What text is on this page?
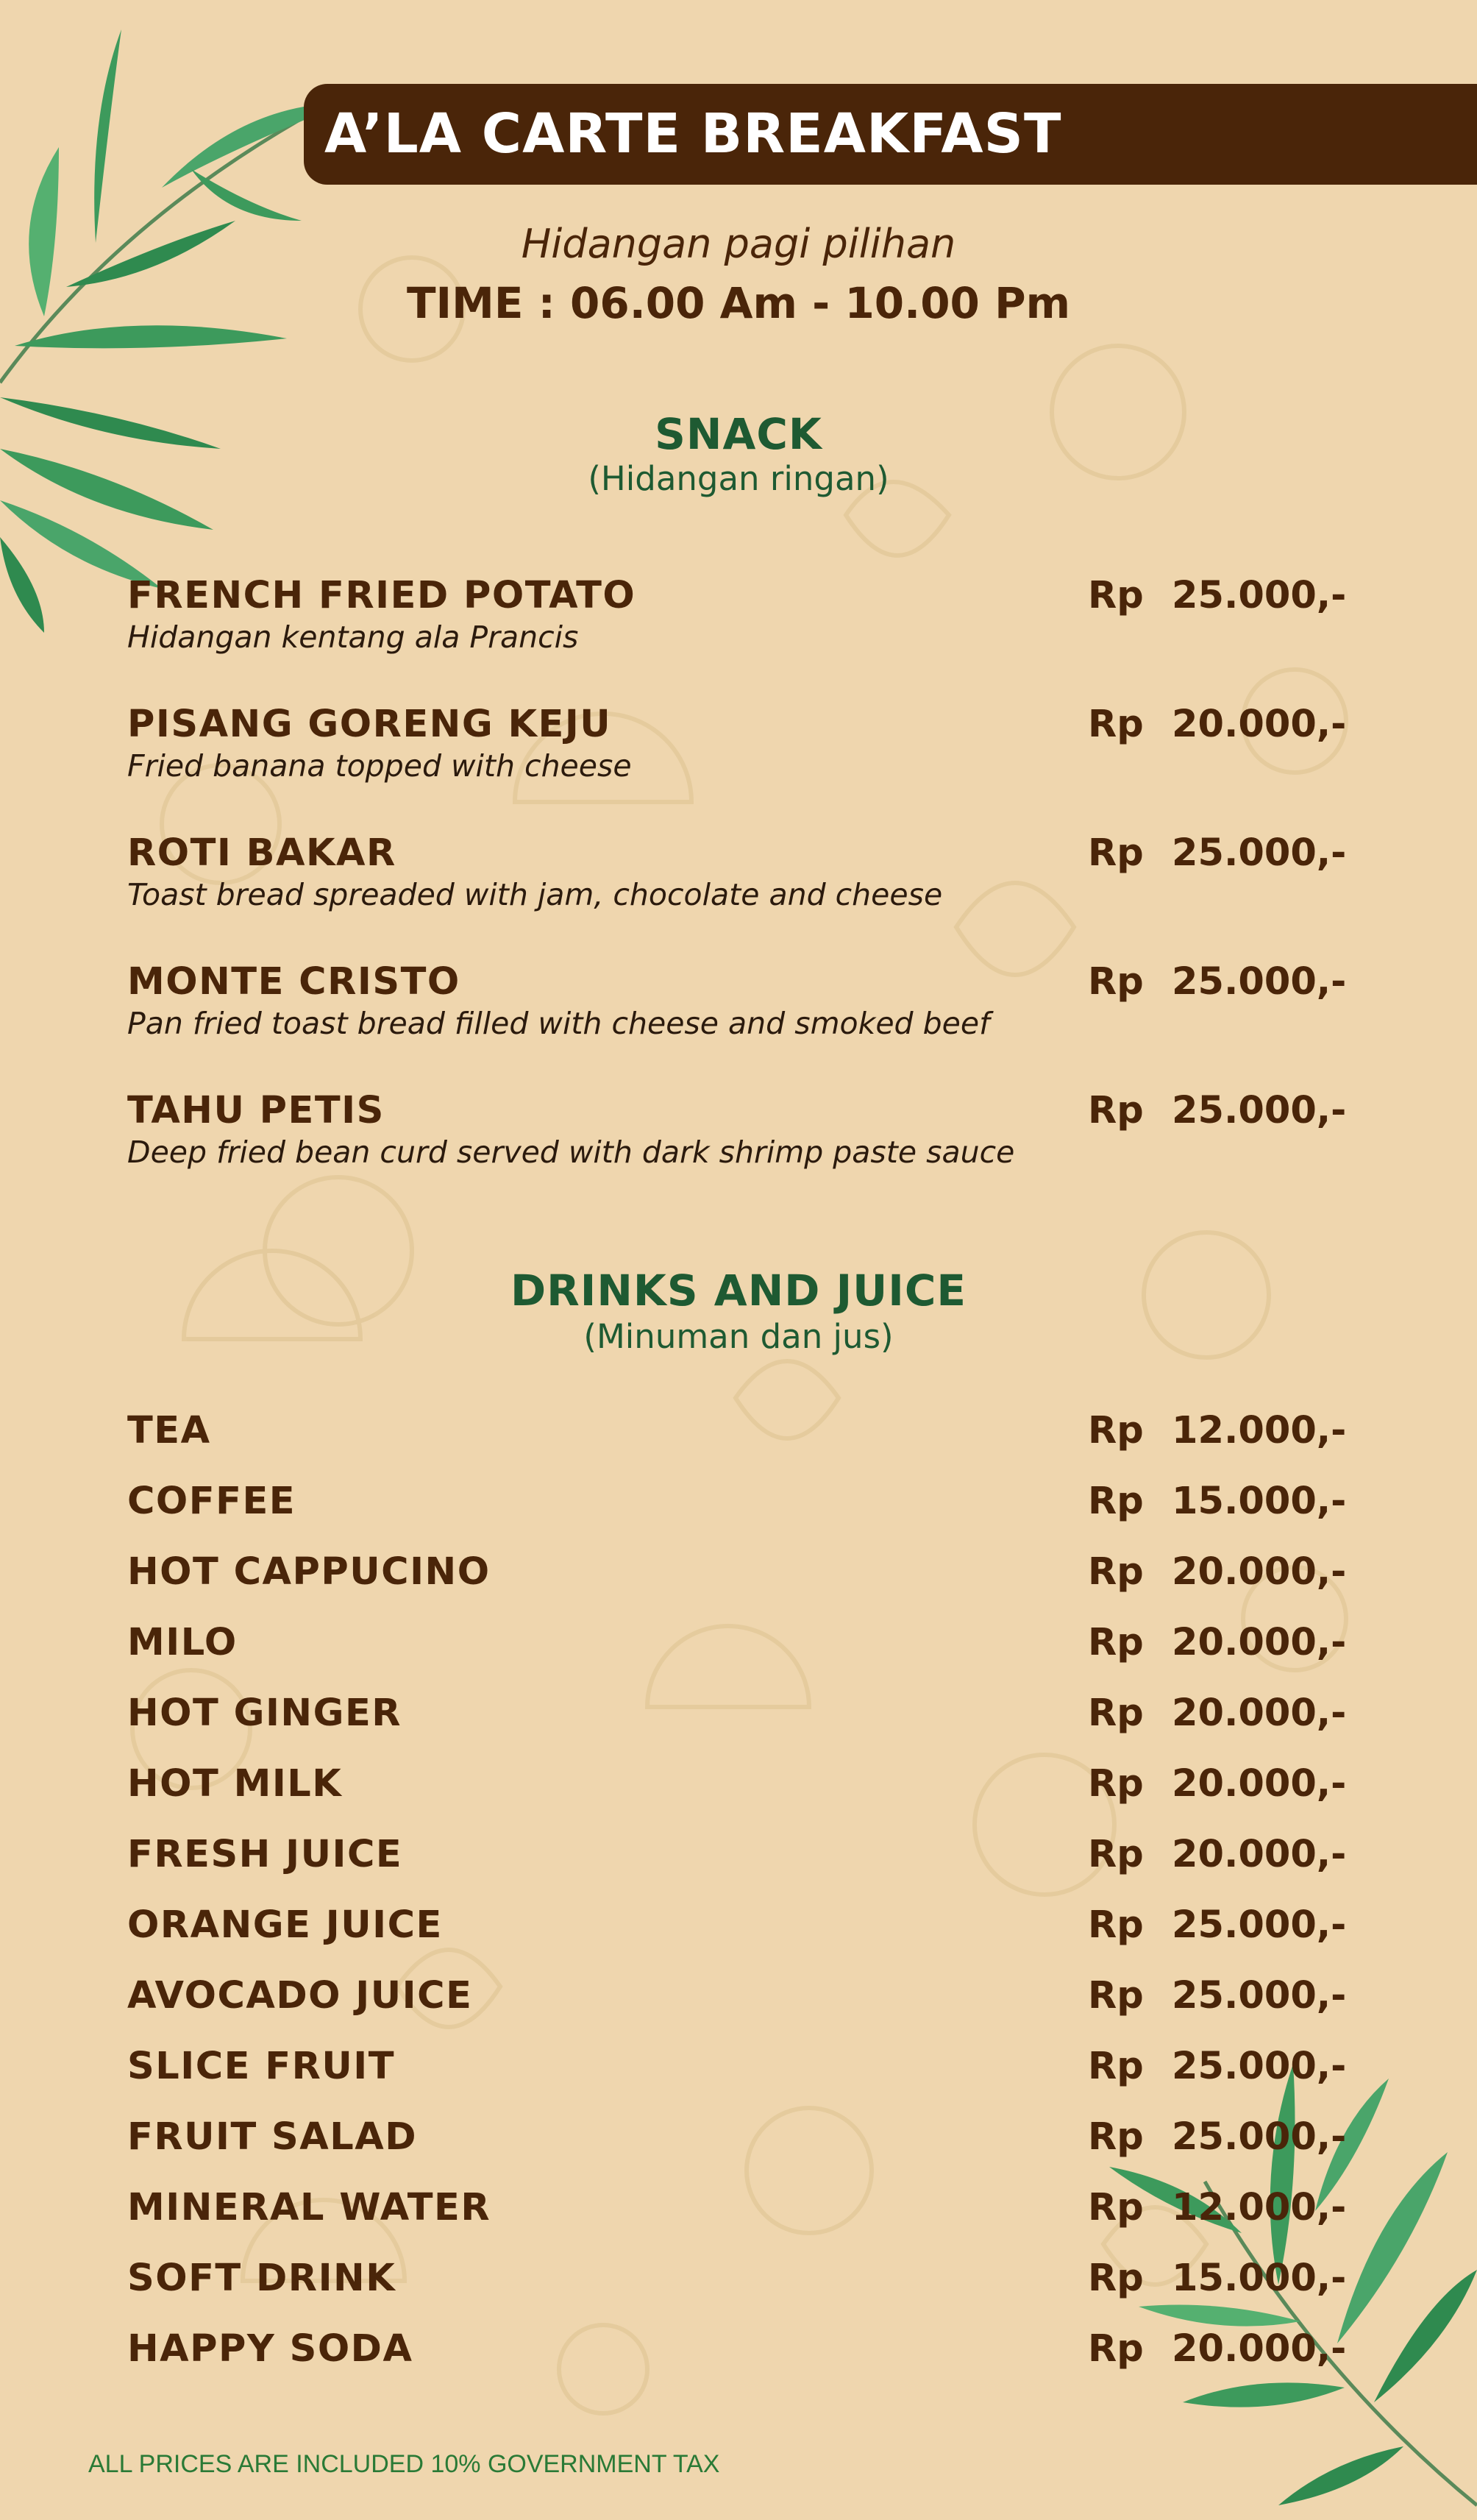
A’LA CARTE BREAKFAST
Hidangan pagi pilihan
TIME : 06.00 Am - 10.00 Pm
SNACK
(Hidangan ringan)
FRENCH FRIED POTATO
Hidangan kentang ala Prancis
Rp 25.000,-
PISANG GORENG KEJU
Fried banana topped with cheese
Rp 20.000,-
ROTI BAKAR
Toast bread spreaded with jam, chocolate and cheese
Rp 25.000,-
MONTE CRISTO
Pan fried toast bread filled with cheese and smoked beef
Rp 25.000,-
TAHU PETIS
Deep fried bean curd served with dark shrimp paste sauce
Rp 25.000,-
DRINKS AND JUICE
(Minuman dan jus)
TEA	Rp 12.000,-
COFFEE	Rp 15.000,-
HOT CAPPUCINO	Rp 20.000,-
MILO	Rp 20.000,-
HOT GINGER	Rp 20.000,-
HOT MILK	Rp 20.000,-
FRESH JUICE	Rp 20.000,-
ORANGE JUICE	Rp 25.000,-
AVOCADO JUICE	Rp 25.000,-
SLICE FRUIT	Rp 25.000,-
FRUIT SALAD	Rp 25.000,-
MINERAL WATER	Rp 12.000,-
SOFT DRINK	Rp 15.000,-
HAPPY SODA	Rp 20.000,-
ALL PRICES ARE INCLUDED 10% GOVERNMENT TAX
